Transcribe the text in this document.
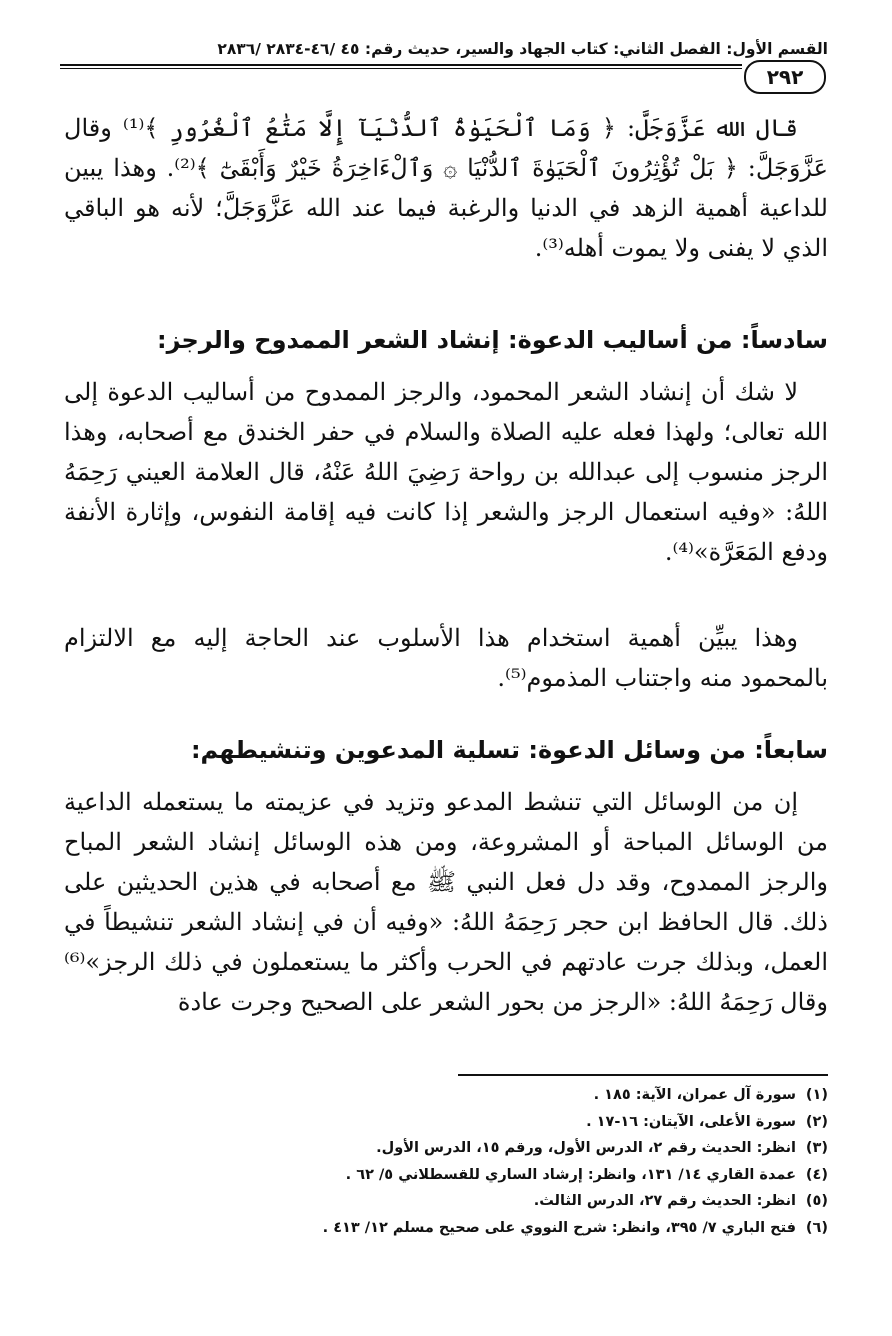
القسم الأول: الفصل الثاني: كتاب الجهاد والسير، حديث رقم: ٤٥ /٤٦-٢٨٣٤ /٢٨٣٦
٢٩٢

قال الله عَزَّوَجَلَّ: ﴿ وَمَا ٱلْحَيَوٰةُ ٱلدُّنْيَآ إِلَّا مَتَٰعُ ٱلْغُرُورِ ﴾⁽¹⁾ وقال عَزَّوَجَلَّ: ﴿ بَلْ تُؤْثِرُونَ ٱلْحَيَوٰةَ ٱلدُّنْيَا ۞ وَٱلْءَاخِرَةُ خَيْرٌ وَأَبْقَىٰٓ ﴾⁽²⁾. وهذا يبين للداعية أهمية الزهد في الدنيا والرغبة فيما عند الله عَزَّوَجَلَّ؛ لأنه هو الباقي الذي لا يفنى ولا يموت أهله⁽³⁾.

سادساً: من أساليب الدعوة: إنشاد الشعر الممدوح والرجز:

لا شك أن إنشاد الشعر المحمود، والرجز الممدوح من أساليب الدعوة إلى الله تعالى؛ ولهذا فعله عليه الصلاة والسلام في حفر الخندق مع أصحابه، وهذا الرجز منسوب إلى عبدالله بن رواحة رَضِيَ اللهُ عَنْهُ، قال العلامة العيني رَحِمَهُ اللهُ: «وفيه استعمال الرجز والشعر إذا كانت فيه إقامة النفوس، وإثارة الأنفة ودفع المَعَرَّة»⁽⁴⁾.

وهذا يبيِّن أهمية استخدام هذا الأسلوب عند الحاجة إليه مع الالتزام بالمحمود منه واجتناب المذموم⁽⁵⁾.

سابعاً: من وسائل الدعوة: تسلية المدعوين وتنشيطهم:

إن من الوسائل التي تنشط المدعو وتزيد في عزيمته ما يستعمله الداعية من الوسائل المباحة أو المشروعة، ومن هذه الوسائل إنشاد الشعر المباح والرجز الممدوح، وقد دل فعل النبي ﷺ مع أصحابه في هذين الحديثين على ذلك. قال الحافظ ابن حجر رَحِمَهُ اللهُ: «وفيه أن في إنشاد الشعر تنشيطاً في العمل، وبذلك جرت عادتهم في الحرب وأكثر ما يستعملون في ذلك الرجز»⁽⁶⁾ وقال رَحِمَهُ اللهُ: «الرجز من بحور الشعر على الصحيح وجرت عادة

(١)
سورة آل عمران، الآية: ١٨٥ .
(٢)
سورة الأعلى، الآيتان: ١٦-١٧ .
(٣)
انظر: الحديث رقم ٢، الدرس الأول، ورقم ١٥، الدرس الأول.
(٤)
عمدة القاري ١٤/ ١٣١، وانظر: إرشاد الساري للقسطلاني ٥/ ٦٢ .
(٥)
انظر: الحديث رقم ٢٧، الدرس الثالث.
(٦)
فتح الباري ٧/ ٣٩٥، وانظر: شرح النووي على صحيح مسلم ١٢/ ٤١٣ .
